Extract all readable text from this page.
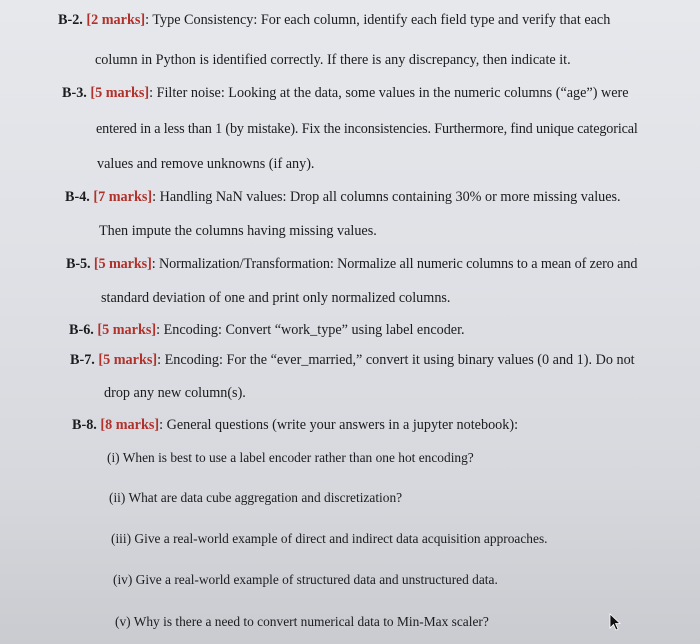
B-2. [2 marks]: Type Consistency: For each column, identify each field type and verify that each
column in Python is identified correctly. If there is any discrepancy, then indicate it.
B-3. [5 marks]: Filter noise: Looking at the data, some values in the numeric columns (“age”) were
entered in a less than 1 (by mistake). Fix the inconsistencies. Furthermore, find unique categorical
values and remove unknowns (if any).
B-4. [7 marks]: Handling NaN values: Drop all columns containing 30% or more missing values.
Then impute the columns having missing values.
B-5. [5 marks]: Normalization/Transformation: Normalize all numeric columns to a mean of zero and
standard deviation of one and print only normalized columns.
B-6. [5 marks]: Encoding: Convert “work_type” using label encoder.
B-7. [5 marks]: Encoding: For the “ever_married,” convert it using binary values (0 and 1). Do not
drop any new column(s).
B-8. [8 marks]: General questions (write your answers in a jupyter notebook):
(i) When is best to use a label encoder rather than one hot encoding?
(ii) What are data cube aggregation and discretization?
(iii) Give a real-world example of direct and indirect data acquisition approaches.
(iv) Give a real-world example of structured data and unstructured data.
(v) Why is there a need to convert numerical data to Min-Max scaler?
